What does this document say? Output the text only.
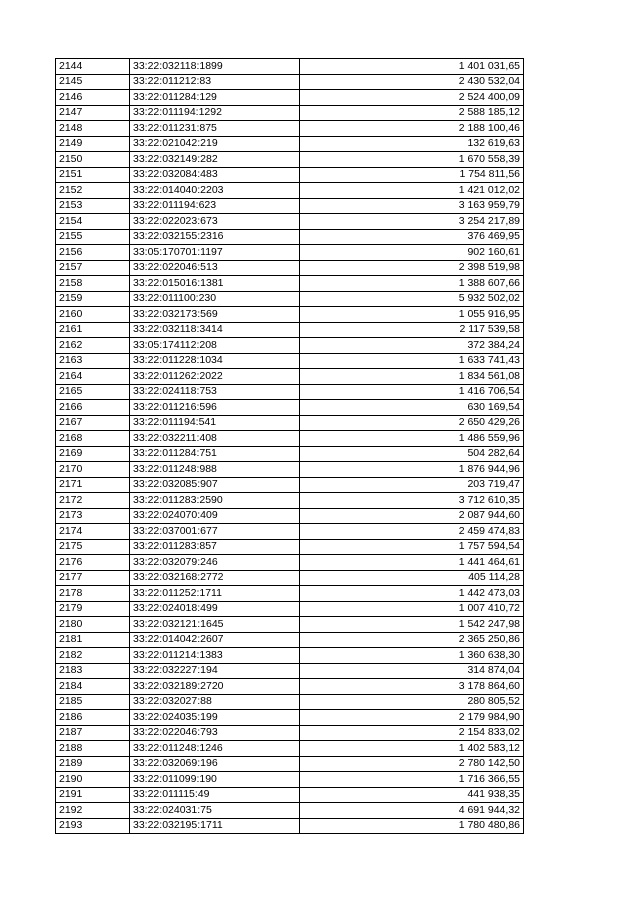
2144	33:22:032118:1899	1 401 031,65
2145	33:22:011212:83	2 430 532,04
2146	33:22:011284:129	2 524 400,09
2147	33:22:011194:1292	2 588 185,12
2148	33:22:011231:875	2 188 100,46
2149	33:22:021042:219	132 619,63
2150	33:22:032149:282	1 670 558,39
2151	33:22:032084:483	1 754 811,56
2152	33:22:014040:2203	1 421 012,02
2153	33:22:011194:623	3 163 959,79
2154	33:22:022023:673	3 254 217,89
2155	33:22:032155:2316	376 469,95
2156	33:05:170701:1197	902 160,61
2157	33:22:022046:513	2 398 519,98
2158	33:22:015016:1381	1 388 607,66
2159	33:22:011100:230	5 932 502,02
2160	33:22:032173:569	1 055 916,95
2161	33:22:032118:3414	2 117 539,58
2162	33:05:174112:208	372 384,24
2163	33:22:011228:1034	1 633 741,43
2164	33:22:011262:2022	1 834 561,08
2165	33:22:024118:753	1 416 706,54
2166	33:22:011216:596	630 169,54
2167	33:22:011194:541	2 650 429,26
2168	33:22:032211:408	1 486 559,96
2169	33:22:011284:751	504 282,64
2170	33:22:011248:988	1 876 944,96
2171	33:22:032085:907	203 719,47
2172	33:22:011283:2590	3 712 610,35
2173	33:22:024070:409	2 087 944,60
2174	33:22:037001:677	2 459 474,83
2175	33:22:011283:857	1 757 594,54
2176	33:22:032079:246	1 441 464,61
2177	33:22:032168:2772	405 114,28
2178	33:22:011252:1711	1 442 473,03
2179	33:22:024018:499	1 007 410,72
2180	33:22:032121:1645	1 542 247,98
2181	33:22:014042:2607	2 365 250,86
2182	33:22:011214:1383	1 360 638,30
2183	33:22:032227:194	314 874,04
2184	33:22:032189:2720	3 178 864,60
2185	33:22:032027:88	280 805,52
2186	33:22:024035:199	2 179 984,90
2187	33:22:022046:793	2 154 833,02
2188	33:22:011248:1246	1 402 583,12
2189	33:22:032069:196	2 780 142,50
2190	33:22:011099:190	1 716 366,55
2191	33:22:011115:49	441 938,35
2192	33:22:024031:75	4 691 944,32
2193	33:22:032195:1711	1 780 480,86
